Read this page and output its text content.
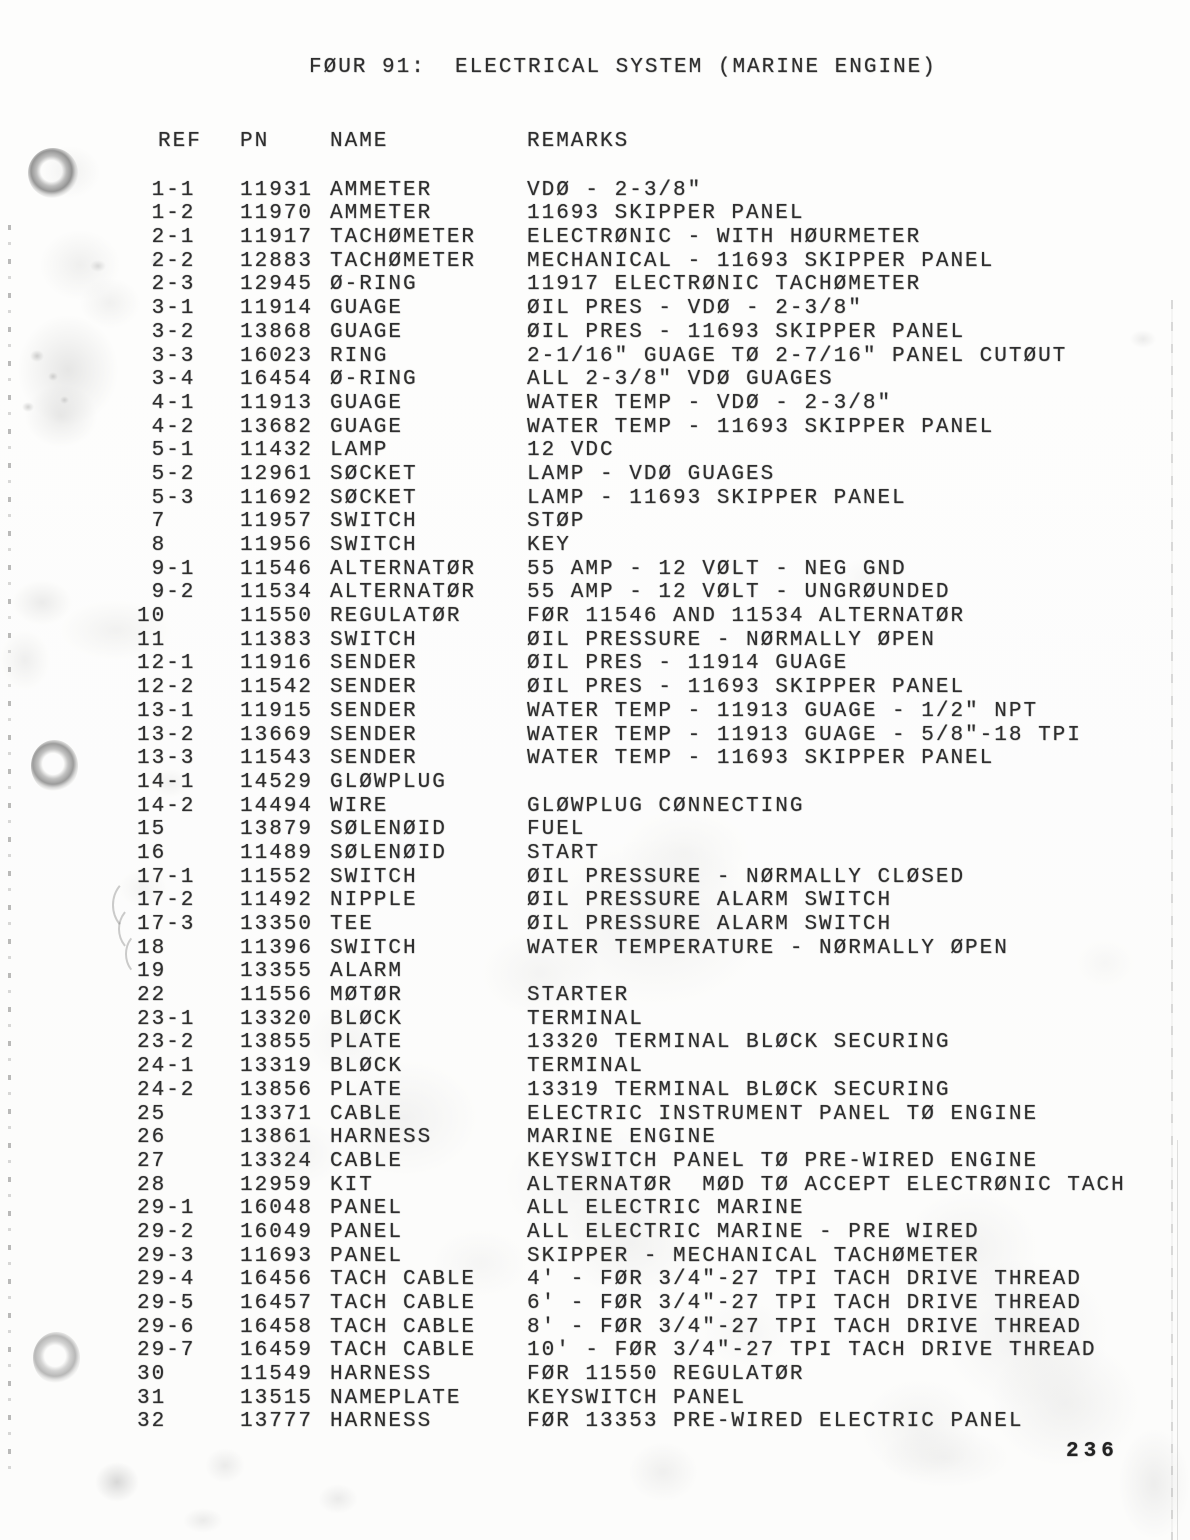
FØUR 91:  ELECTRICAL SYSTEM (MARINE ENGINE)
REF	PN	NAME	REMARKS
1-1	11931 AMMETER	VDØ - 2-3/8"
1-2	11970 AMMETER	11693 SKIPPER PANEL
2-1	11917 TACHØMETER	ELECTRØNIC - WITH HØURMETER
2-2	12883 TACHØMETER	MECHANICAL - 11693 SKIPPER PANEL
2-3	12945 Ø-RING	11917 ELECTRØNIC TACHØMETER
3-1	11914 GUAGE	ØIL PRES - VDØ - 2-3/8"
3-2	13868 GUAGE	ØIL PRES - 11693 SKIPPER PANEL
3-3	16023 RING	2-1/16" GUAGE TØ 2-7/16" PANEL CUTØUT
3-4	16454 Ø-RING	ALL 2-3/8" VDØ GUAGES
4-1	11913 GUAGE	WATER TEMP - VDØ - 2-3/8"
4-2	13682 GUAGE	WATER TEMP - 11693 SKIPPER PANEL
5-1	11432 LAMP	12 VDC
5-2	12961 SØCKET	LAMP - VDØ GUAGES
5-3	11692 SØCKET	LAMP - 11693 SKIPPER PANEL
7	11957 SWITCH	STØP
8	11956 SWITCH	KEY
9-1	11546 ALTERNATØR	55 AMP - 12 VØLT - NEG GND
9-2	11534 ALTERNATØR	55 AMP - 12 VØLT - UNGRØUNDED
10	11550 REGULATØR	FØR 11546 AND 11534 ALTERNATØR
11	11383 SWITCH	ØIL PRESSURE - NØRMALLY ØPEN
12-1	11916 SENDER	ØIL PRES - 11914 GUAGE
12-2	11542 SENDER	ØIL PRES - 11693 SKIPPER PANEL
13-1	11915 SENDER	WATER TEMP - 11913 GUAGE - 1/2" NPT
13-2	13669 SENDER	WATER TEMP - 11913 GUAGE - 5/8"-18 TPI
13-3	11543 SENDER	WATER TEMP - 11693 SKIPPER PANEL
14-1	14529 GLØWPLUG
14-2	14494 WIRE	GLØWPLUG CØNNECTING
15	13879 SØLENØID	FUEL
16	11489 SØLENØID	START
17-1	11552 SWITCH	ØIL PRESSURE - NØRMALLY CLØSED
17-2	11492 NIPPLE	ØIL PRESSURE ALARM SWITCH
17-3	13350 TEE	ØIL PRESSURE ALARM SWITCH
18	11396 SWITCH	WATER TEMPERATURE - NØRMALLY ØPEN
19	13355 ALARM
22	11556 MØTØR	STARTER
23-1	13320 BLØCK	TERMINAL
23-2	13855 PLATE	13320 TERMINAL BLØCK SECURING
24-1	13319 BLØCK	TERMINAL
24-2	13856 PLATE	13319 TERMINAL BLØCK SECURING
25	13371 CABLE	ELECTRIC INSTRUMENT PANEL TØ ENGINE
26	13861 HARNESS	MARINE ENGINE
27	13324 CABLE	KEYSWITCH PANEL TØ PRE-WIRED ENGINE
28	12959 KIT	ALTERNATØR  MØD TØ ACCEPT ELECTRØNIC TACH
29-1	16048 PANEL	ALL ELECTRIC MARINE
29-2	16049 PANEL	ALL ELECTRIC MARINE - PRE WIRED
29-3	11693 PANEL	SKIPPER - MECHANICAL TACHØMETER
29-4	16456 TACH CABLE	4' - FØR 3/4"-27 TPI TACH DRIVE THREAD
29-5	16457 TACH CABLE	6' - FØR 3/4"-27 TPI TACH DRIVE THREAD
29-6	16458 TACH CABLE	8' - FØR 3/4"-27 TPI TACH DRIVE THREAD
29-7	16459 TACH CABLE	10' - FØR 3/4"-27 TPI TACH DRIVE THREAD
30	11549 HARNESS	FØR 11550 REGULATØR
31	13515 NAMEPLATE	KEYSWITCH PANEL
32	13777 HARNESS	FØR 13353 PRE-WIRED ELECTRIC PANEL
236
